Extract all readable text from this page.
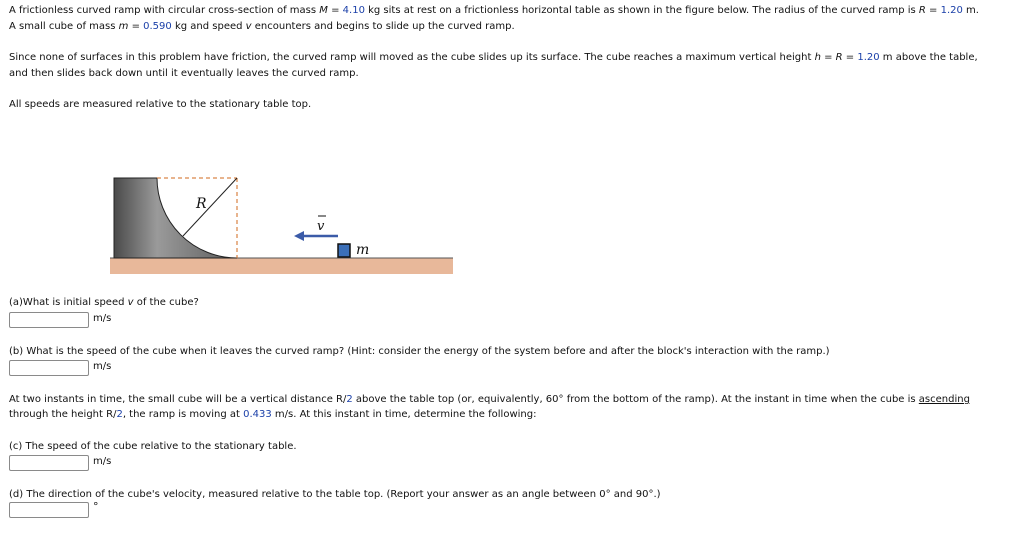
A frictionless curved ramp with circular cross-section of mass M = 4.10 kg sits at rest on a frictionless horizontal table as shown in the figure below. The radius of the curved ramp is R = 1.20 m.
A small cube of mass m = 0.590 kg and speed v encounters and begins to slide up the curved ramp.
Since none of surfaces in this problem have friction, the curved ramp will moved as the cube slides up its surface. The cube reaches a maximum vertical height h = R = 1.20 m above the table,
and then slides back down until it eventually leaves the curved ramp.
All speeds are measured relative to the stationary table top.
R
v
m
(a)What is initial speed v of the cube?
m/s
(b) What is the speed of the cube when it leaves the curved ramp? (Hint: consider the energy of the system before and after the block's interaction with the ramp.)
m/s
At two instants in time, the small cube will be a vertical distance R/2 above the table top (or, equivalently, 60° from the bottom of the ramp). At the instant in time when the cube is ascending
through the height R/2, the ramp is moving at 0.433 m/s. At this instant in time, determine the following:
(c) The speed of the cube relative to the stationary table.
m/s
(d) The direction of the cube's velocity, measured relative to the table top. (Report your answer as an angle between 0° and 90°.)
°
